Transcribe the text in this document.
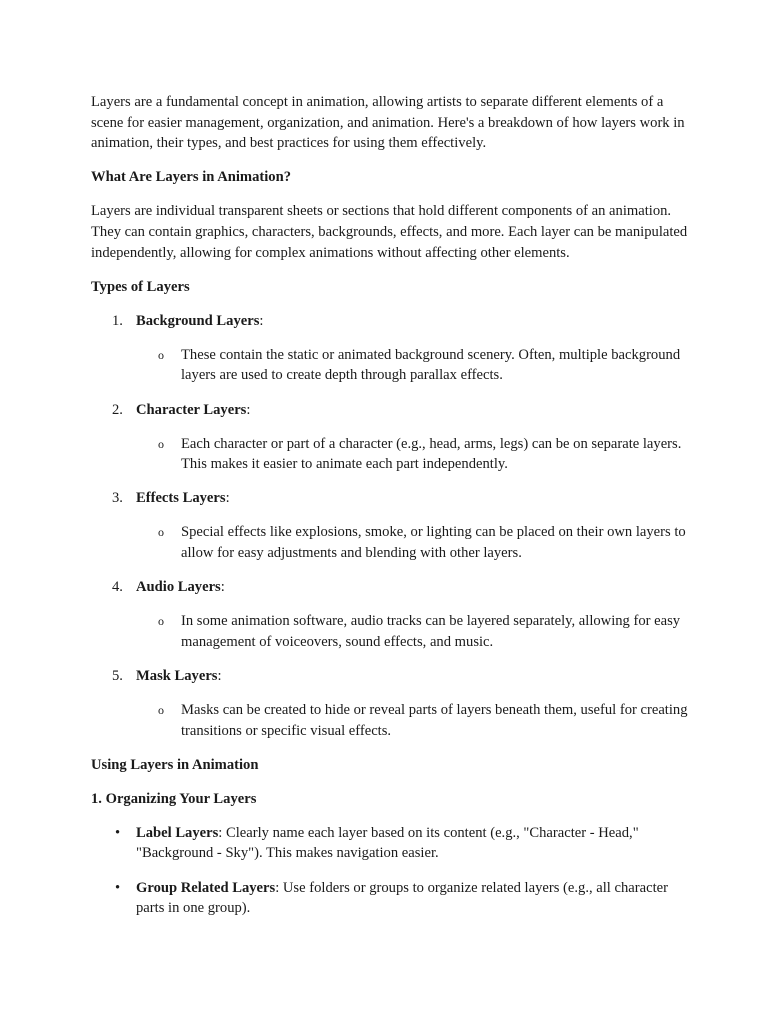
Layers are a fundamental concept in animation, allowing artists to separate different elements of a scene for easier management, organization, and animation. Here's a breakdown of how layers work in animation, their types, and best practices for using them effectively.

What Are Layers in Animation?

Layers are individual transparent sheets or sections that hold different components of an animation. They can contain graphics, characters, backgrounds, effects, and more. Each layer can be manipulated independently, allowing for complex animations without affecting other elements.

Types of Layers

1. Background Layers:
o These contain the static or animated background scenery. Often, multiple background layers are used to create depth through parallax effects.
2. Character Layers:
o Each character or part of a character (e.g., head, arms, legs) can be on separate layers. This makes it easier to animate each part independently.
3. Effects Layers:
o Special effects like explosions, smoke, or lighting can be placed on their own layers to allow for easy adjustments and blending with other layers.
4. Audio Layers:
o In some animation software, audio tracks can be layered separately, allowing for easy management of voiceovers, sound effects, and music.
5. Mask Layers:
o Masks can be created to hide or reveal parts of layers beneath them, useful for creating transitions or specific visual effects.

Using Layers in Animation

1. Organizing Your Layers

• Label Layers: Clearly name each layer based on its content (e.g., "Character - Head," "Background - Sky"). This makes navigation easier.
• Group Related Layers: Use folders or groups to organize related layers (e.g., all character parts in one group).
